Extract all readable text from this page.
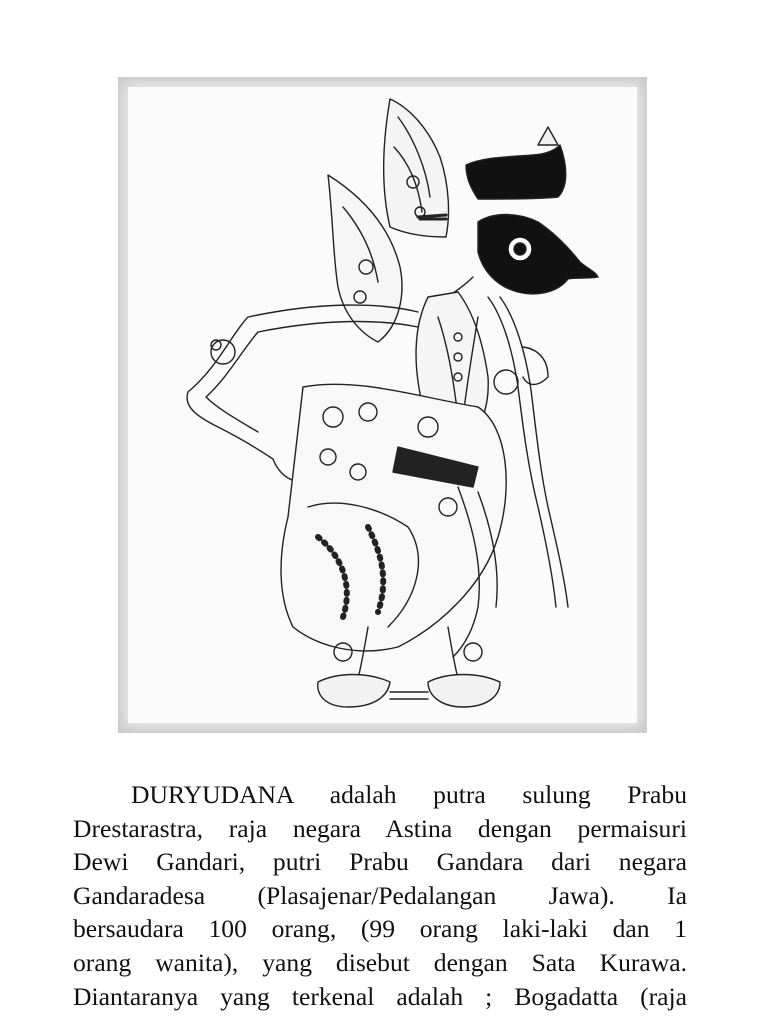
DURYUDANA adalah putra sulung Prabu
Drestarastra, raja negara Astina dengan permaisuri
Dewi Gandari, putri Prabu Gandara dari negara
Gandaradesa (Plasajenar/Pedalangan Jawa). Ia
bersaudara 100 orang, (99 orang laki-laki dan 1
orang wanita), yang disebut dengan Sata Kurawa.
Diantaranya yang terkenal adalah ; Bogadatta (raja
